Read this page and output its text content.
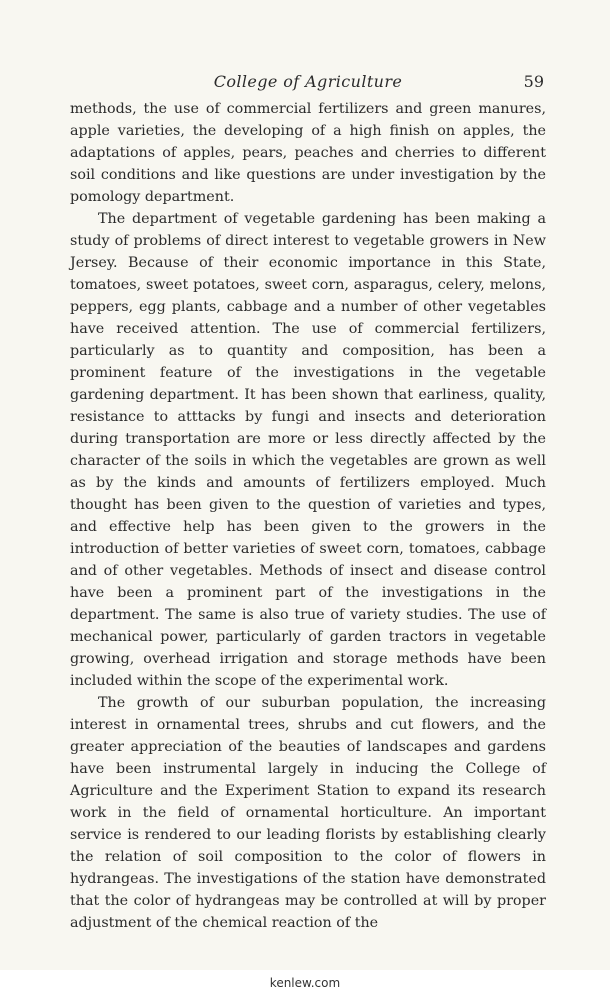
College of Agriculture	59

methods, the use of commercial fertilizers and green manures, apple varieties, the developing of a high finish on apples, the adaptations of apples, pears, peaches and cherries to different soil conditions and like questions are under investigation by the pomology department.

The department of vegetable gardening has been making a study of problems of direct interest to vegetable growers in New Jersey. Because of their economic importance in this State, tomatoes, sweet potatoes, sweet corn, asparagus, celery, melons, peppers, egg plants, cabbage and a number of other vegetables have received attention. The use of commercial fertilizers, particularly as to quantity and composition, has been a prominent feature of the investigations in the vegetable gardening department. It has been shown that earliness, quality, resistance to atttacks by fungi and insects and deterioration during transportation are more or less directly affected by the character of the soils in which the vegetables are grown as well as by the kinds and amounts of fertilizers employed. Much thought has been given to the question of varieties and types, and effective help has been given to the growers in the introduction of better varieties of sweet corn, tomatoes, cabbage and of other vegetables. Methods of insect and disease control have been a prominent part of the investigations in the department. The same is also true of variety studies. The use of mechanical power, particularly of garden tractors in vegetable growing, overhead irrigation and storage methods have been included within the scope of the experimental work.

The growth of our suburban population, the increasing interest in ornamental trees, shrubs and cut flowers, and the greater appreciation of the beauties of landscapes and gardens have been instrumental largely in inducing the College of Agriculture and the Experiment Station to expand its research work in the field of ornamental horticulture. An important service is rendered to our leading florists by establishing clearly the relation of soil composition to the color of flowers in hydrangeas. The investigations of the station have demonstrated that the color of hydrangeas may be controlled at will by proper adjustment of the chemical reaction of the

kenlew.com
